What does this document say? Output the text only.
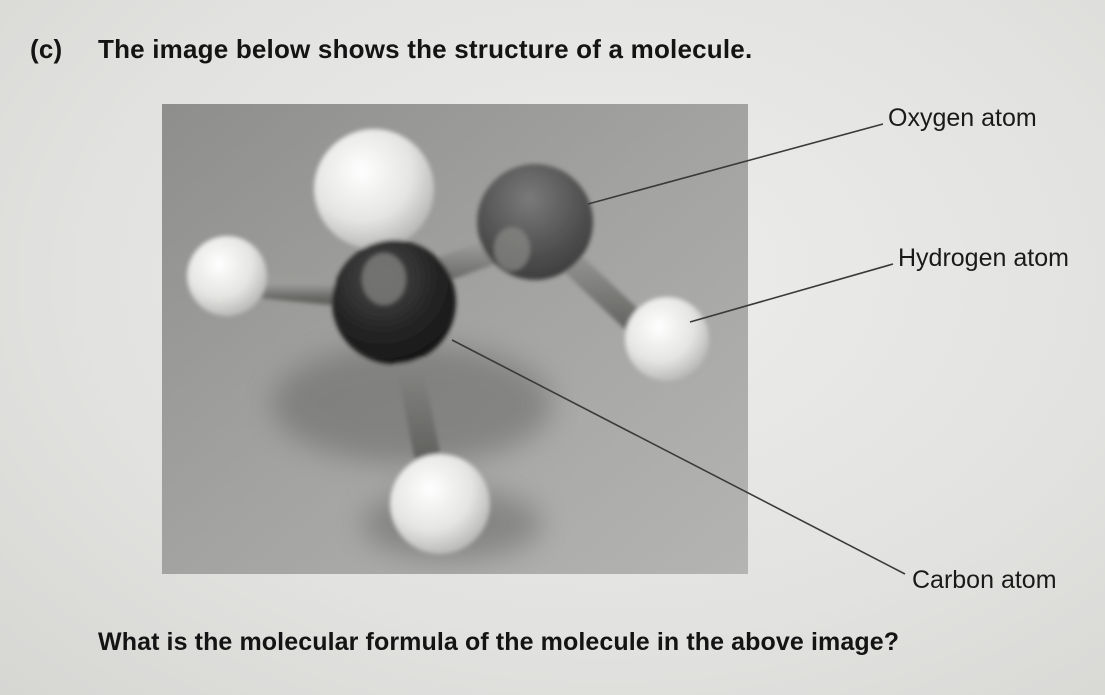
(c) The image below shows the structure of a molecule.
Oxygen atom
Hydrogen atom
Carbon atom
What is the molecular formula of the molecule in the above image?
